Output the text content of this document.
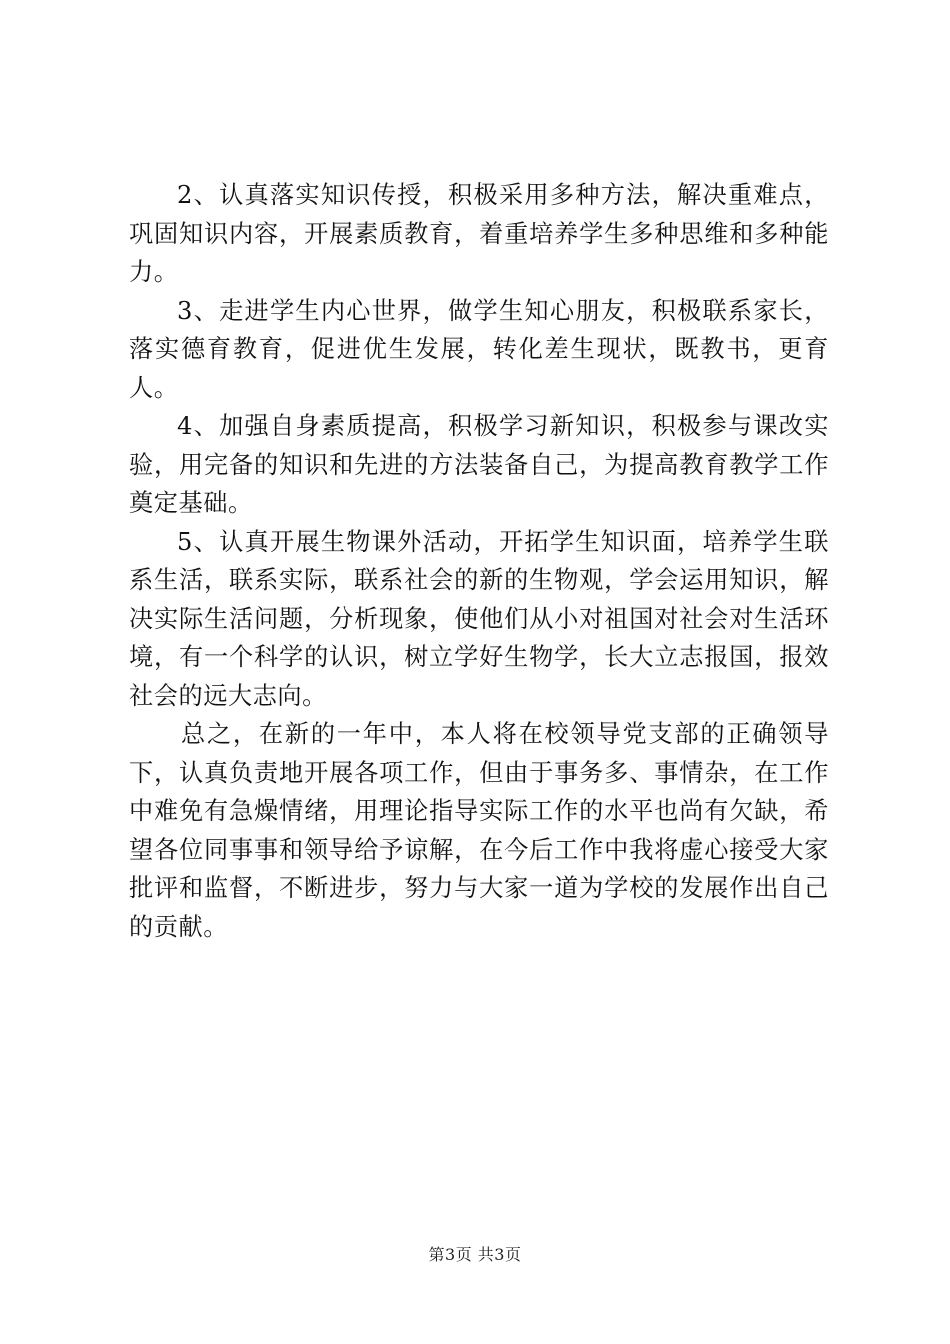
2、认真落实知识传授，积极采用多种方法，解决重难点，巩固知识内容，开展素质教育，着重培养学生多种思维和多种能力。

3、走进学生内心世界，做学生知心朋友，积极联系家长，落实德育教育，促进优生发展，转化差生现状，既教书，更育人。

4、加强自身素质提高，积极学习新知识，积极参与课改实验，用完备的知识和先进的方法装备自己，为提高教育教学工作奠定基础。

5、认真开展生物课外活动，开拓学生知识面，培养学生联系生活，联系实际，联系社会的新的生物观，学会运用知识，解决实际生活问题，分析现象，使他们从小对祖国对社会对生活环境，有一个科学的认识，树立学好生物学，长大立志报国，报效社会的远大志向。

总之，在新的一年中，本人将在校领导党支部的正确领导下，认真负责地开展各项工作，但由于事务多、事情杂，在工作中难免有急燥情绪，用理论指导实际工作的水平也尚有欠缺，希望各位同事事和领导给予谅解，在今后工作中我将虚心接受大家批评和监督，不断进步，努力与大家一道为学校的发展作出自己的贡献。

第3页 共3页
